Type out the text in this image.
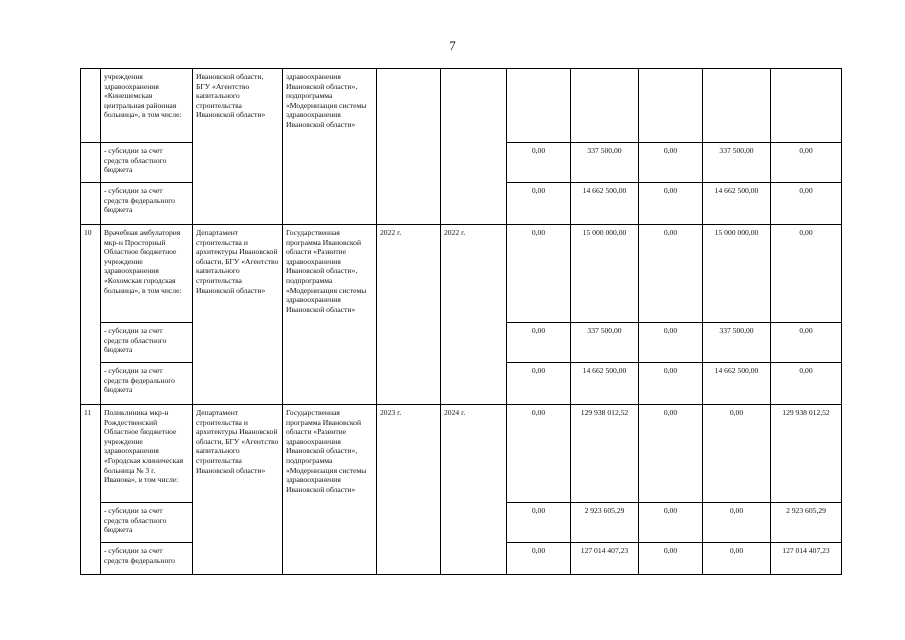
7
	учреждения здравоохранения «Кинешемская центральная районная больница», в том числе:	Ивановской области, БГУ «Агентство капитального строительства Ивановской области»	здравоохранения Ивановской области», подпрограмма «Модернизация системы здравоохранения Ивановской области»							
	- субсидии за счет средств областного бюджета					0,00	337 500,00	0,00	337 500,00	0,00
	- субсидии за счет средств федерального бюджета					0,00	14 662 500,00	0,00	14 662 500,00	0,00
10	Врачебная амбулатория мкр-н Просторный Областное бюджетное учреждение здравоохранения «Кохомская городская больница», в том числе:	Департамент строительства и архитектуры Ивановской области, БГУ «Агентство капитального строительства Ивановской области»	Государственная программа Ивановской области «Развитие здравоохранения Ивановской области», подпрограмма «Модернизация системы здравоохранения Ивановской области»	2022 г.	2022 г.	0,00	15 000 000,00	0,00	15 000 000,00	0,00
	- субсидии за счет средств областного бюджета					0,00	337 500,00	0,00	337 500,00	0,00
	- субсидии за счет средств федерального бюджета					0,00	14 662 500,00	0,00	14 662 500,00	0,00
11	Поликлиника мкр-н Рождественский Областное бюджетное учреждение здравоохранения «Городская клиническая больница № 3 г. Иванова», в том числе:	Департамент строительства и архитектуры Ивановской области, БГУ «Агентство капитального строительства Ивановской области»	Государственная программа Ивановской области «Развитие здравоохранения Ивановской области», подпрограмма «Модернизация системы здравоохранения Ивановской области»	2023 г.	2024 г.	0,00	129 938 012,52	0,00	0,00	129 938 012,52
	- субсидии за счет средств областного бюджета					0,00	2 923 605,29	0,00	0,00	2 923 605,29
	- субсидии за счет средств федерального					0,00	127 014 407,23	0,00	0,00	127 014 407,23
